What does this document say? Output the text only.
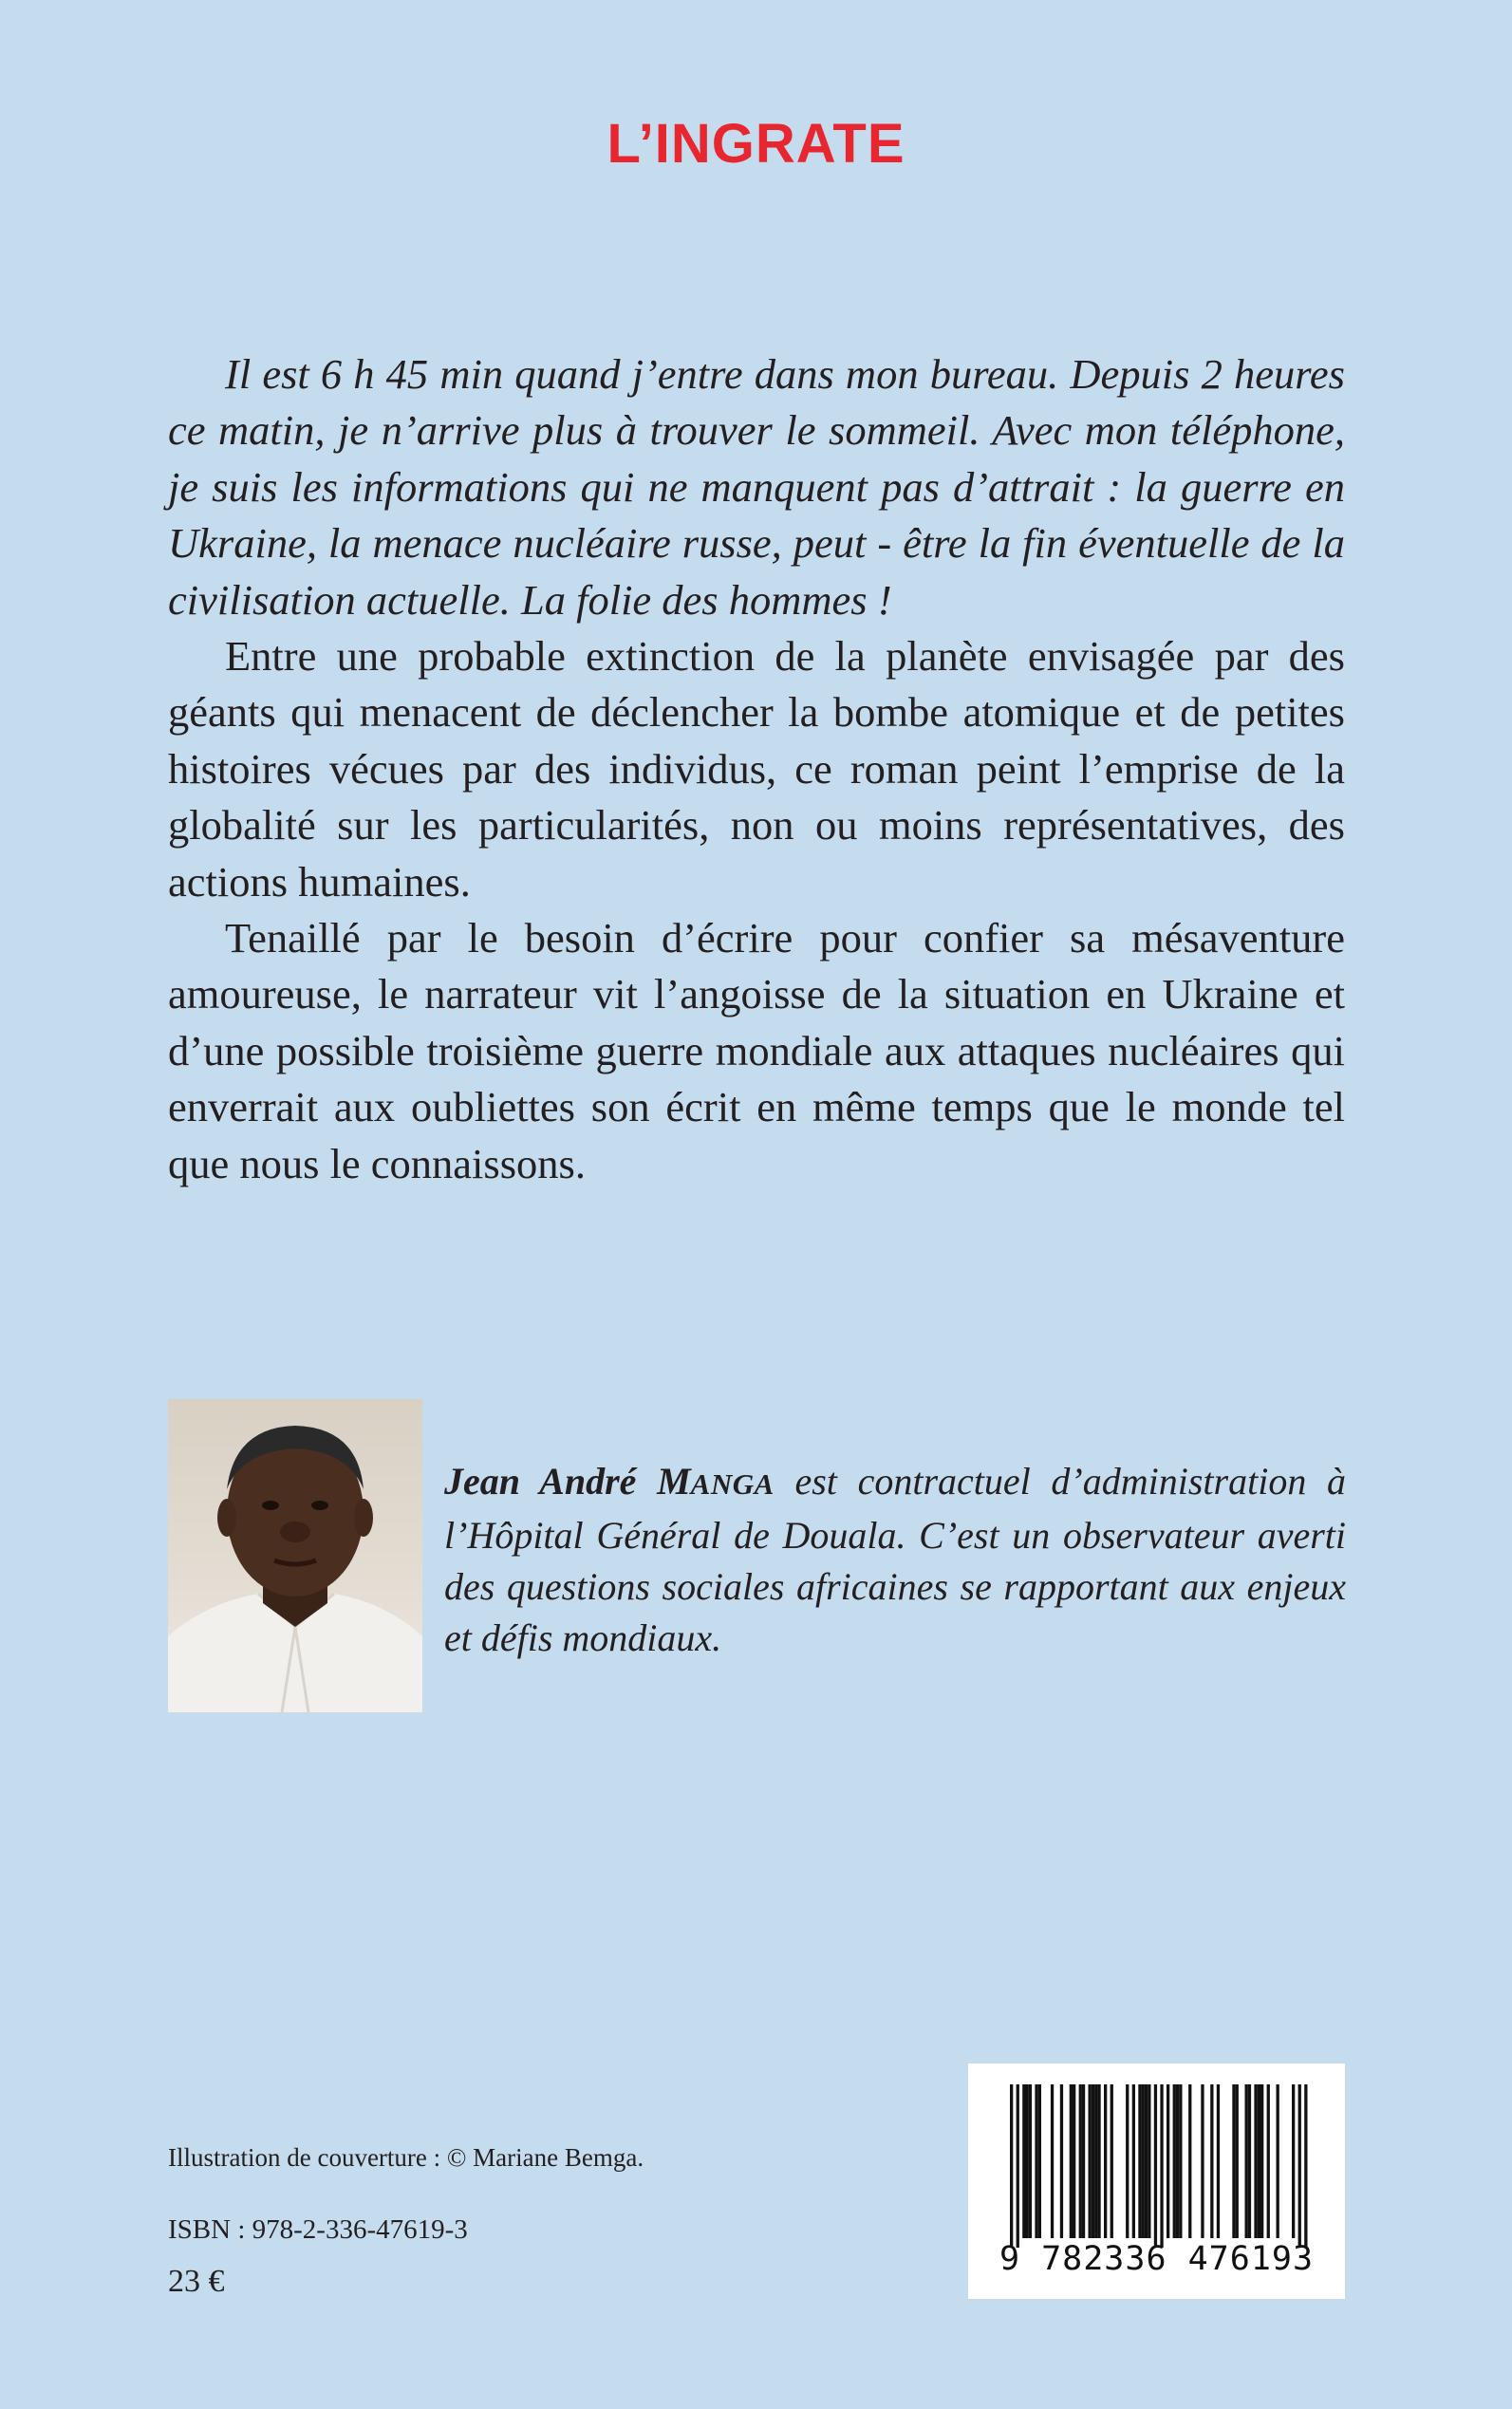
L’INGRATE

Il est 6 h 45 min quand j’entre dans mon bureau. Depuis 2 heures ce matin, je n’arrive plus à trouver le sommeil. Avec mon téléphone, je suis les informations qui ne manquent pas d’attrait : la guerre en Ukraine, la menace nucléaire russe, peut - être la fin éventuelle de la civilisation actuelle. La folie des hommes !

Entre une probable extinction de la planète envisagée par des géants qui menacent de déclencher la bombe atomique et de petites histoires vécues par des individus, ce roman peint l’emprise de la globalité sur les particularités, non ou moins représentatives, des actions humaines.

Tenaillé par le besoin d’écrire pour confier sa mésaventure amoureuse, le narrateur vit l’angoisse de la situation en Ukraine et d’une possible troisième guerre mondiale aux attaques nucléaires qui enverrait aux oubliettes son écrit en même temps que le monde tel que nous le connaissons.

Jean André MANGA est contractuel d’administration à l’Hôpital Général de Douala. C’est un observateur averti des questions sociales africaines se rapportant aux enjeux et défis mondiaux.

Illustration de couverture : © Mariane Bemga.

ISBN : 978-2-336-47619-3

23 €

9 782336 476193
